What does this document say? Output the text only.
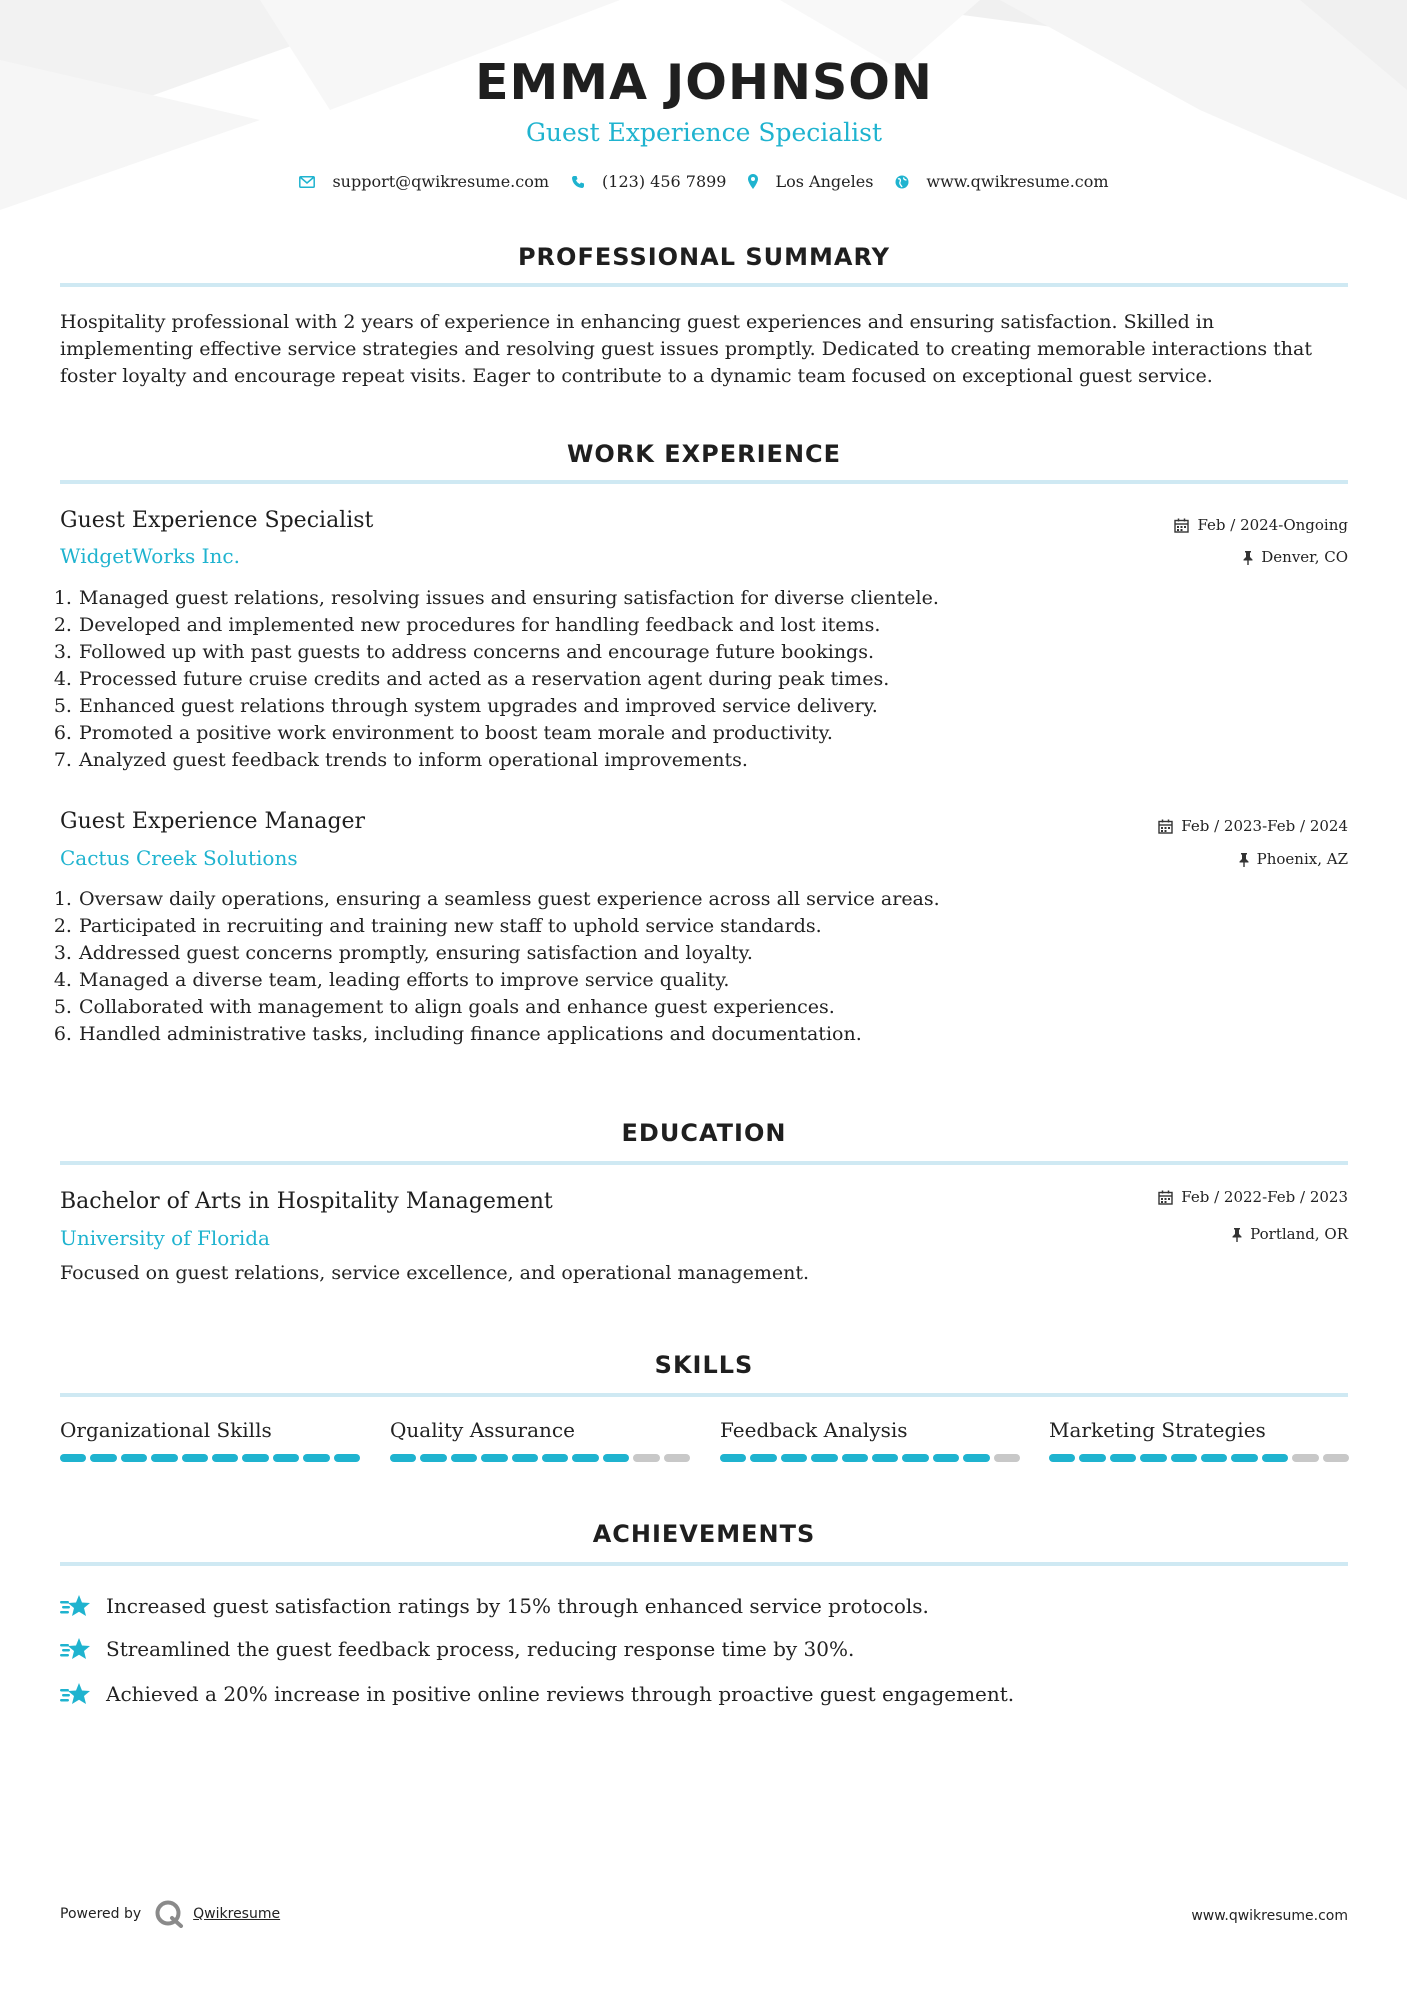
EMMA JOHNSON
Guest Experience Specialist
support@qwikresume.com	(123) 456 7899	Los Angeles	www.qwikresume.com
PROFESSIONAL SUMMARY

Hospitality professional with 2 years of experience in enhancing guest experiences and ensuring satisfaction. Skilled in implementing effective service strategies and resolving guest issues promptly. Dedicated to creating memorable interactions that foster loyalty and encourage repeat visits. Eager to contribute to a dynamic team focused on exceptional guest service.

WORK EXPERIENCE
Guest Experience Specialist	Feb / 2024-Ongoing
WidgetWorks Inc.	Denver, CO
1. Managed guest relations, resolving issues and ensuring satisfaction for diverse clientele.
2. Developed and implemented new procedures for handling feedback and lost items.
3. Followed up with past guests to address concerns and encourage future bookings.
4. Processed future cruise credits and acted as a reservation agent during peak times.
5. Enhanced guest relations through system upgrades and improved service delivery.
6. Promoted a positive work environment to boost team morale and productivity.
7. Analyzed guest feedback trends to inform operational improvements.
Guest Experience Manager	Feb / 2023-Feb / 2024
Cactus Creek Solutions	Phoenix, AZ
1. Oversaw daily operations, ensuring a seamless guest experience across all service areas.
2. Participated in recruiting and training new staff to uphold service standards.
3. Addressed guest concerns promptly, ensuring satisfaction and loyalty.
4. Managed a diverse team, leading efforts to improve service quality.
5. Collaborated with management to align goals and enhance guest experiences.
6. Handled administrative tasks, including finance applications and documentation.
EDUCATION
Bachelor of Arts in Hospitality Management	Feb / 2022-Feb / 2023
University of Florida	Portland, OR
Focused on guest relations, service excellence, and operational management.
SKILLS
Organizational Skills	Quality Assurance	Feedback Analysis	Marketing Strategies
ACHIEVEMENTS
Increased guest satisfaction ratings by 15% through enhanced service protocols.
Streamlined the guest feedback process, reducing response time by 30%.
Achieved a 20% increase in positive online reviews through proactive guest engagement.
Powered by	Qwikresume	www.qwikresume.com
